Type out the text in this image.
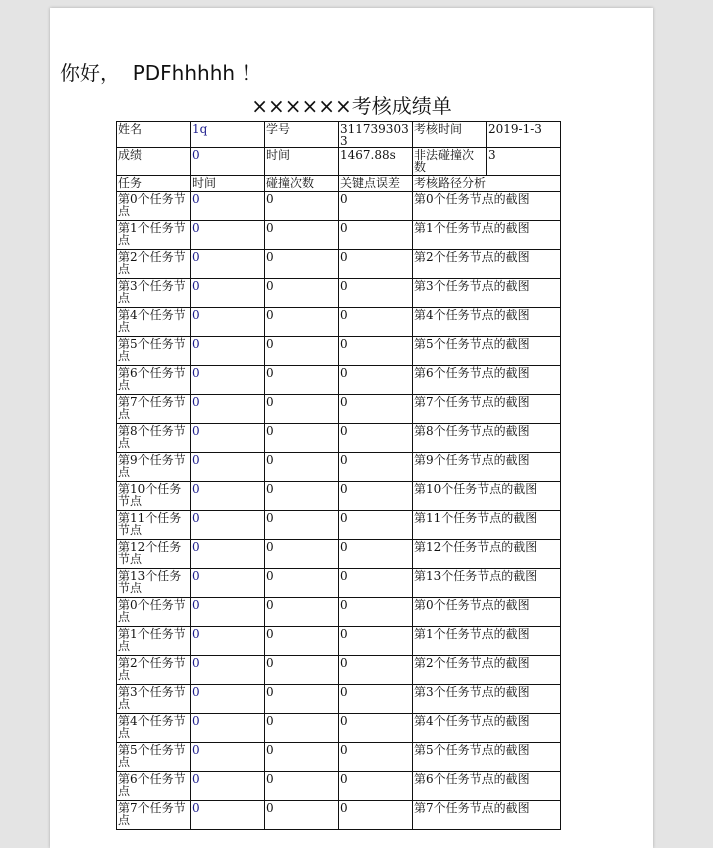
你好，  PDFhhhhh ！
××××××考核成绩单
姓名	1q	学号	3117393033	考核时间	2019-1-3
成绩	0	时间	1467.88s	非法碰撞次数	3
任务	时间	碰撞次数	关键点误差	考核路径分析	
第0个任务节点	0	0	0	第0个任务节点的截图	
第1个任务节点	0	0	0	第1个任务节点的截图	
第2个任务节点	0	0	0	第2个任务节点的截图	
第3个任务节点	0	0	0	第3个任务节点的截图	
第4个任务节点	0	0	0	第4个任务节点的截图	
第5个任务节点	0	0	0	第5个任务节点的截图	
第6个任务节点	0	0	0	第6个任务节点的截图	
第7个任务节点	0	0	0	第7个任务节点的截图	
第8个任务节点	0	0	0	第8个任务节点的截图	
第9个任务节点	0	0	0	第9个任务节点的截图	
第10个任务节点	0	0	0	第10个任务节点的截图	
第11个任务节点	0	0	0	第11个任务节点的截图	
第12个任务节点	0	0	0	第12个任务节点的截图	
第13个任务节点	0	0	0	第13个任务节点的截图	
第0个任务节点	0	0	0	第0个任务节点的截图	
第1个任务节点	0	0	0	第1个任务节点的截图	
第2个任务节点	0	0	0	第2个任务节点的截图	
第3个任务节点	0	0	0	第3个任务节点的截图	
第4个任务节点	0	0	0	第4个任务节点的截图	
第5个任务节点	0	0	0	第5个任务节点的截图	
第6个任务节点	0	0	0	第6个任务节点的截图	
第7个任务节点	0	0	0	第7个任务节点的截图	
